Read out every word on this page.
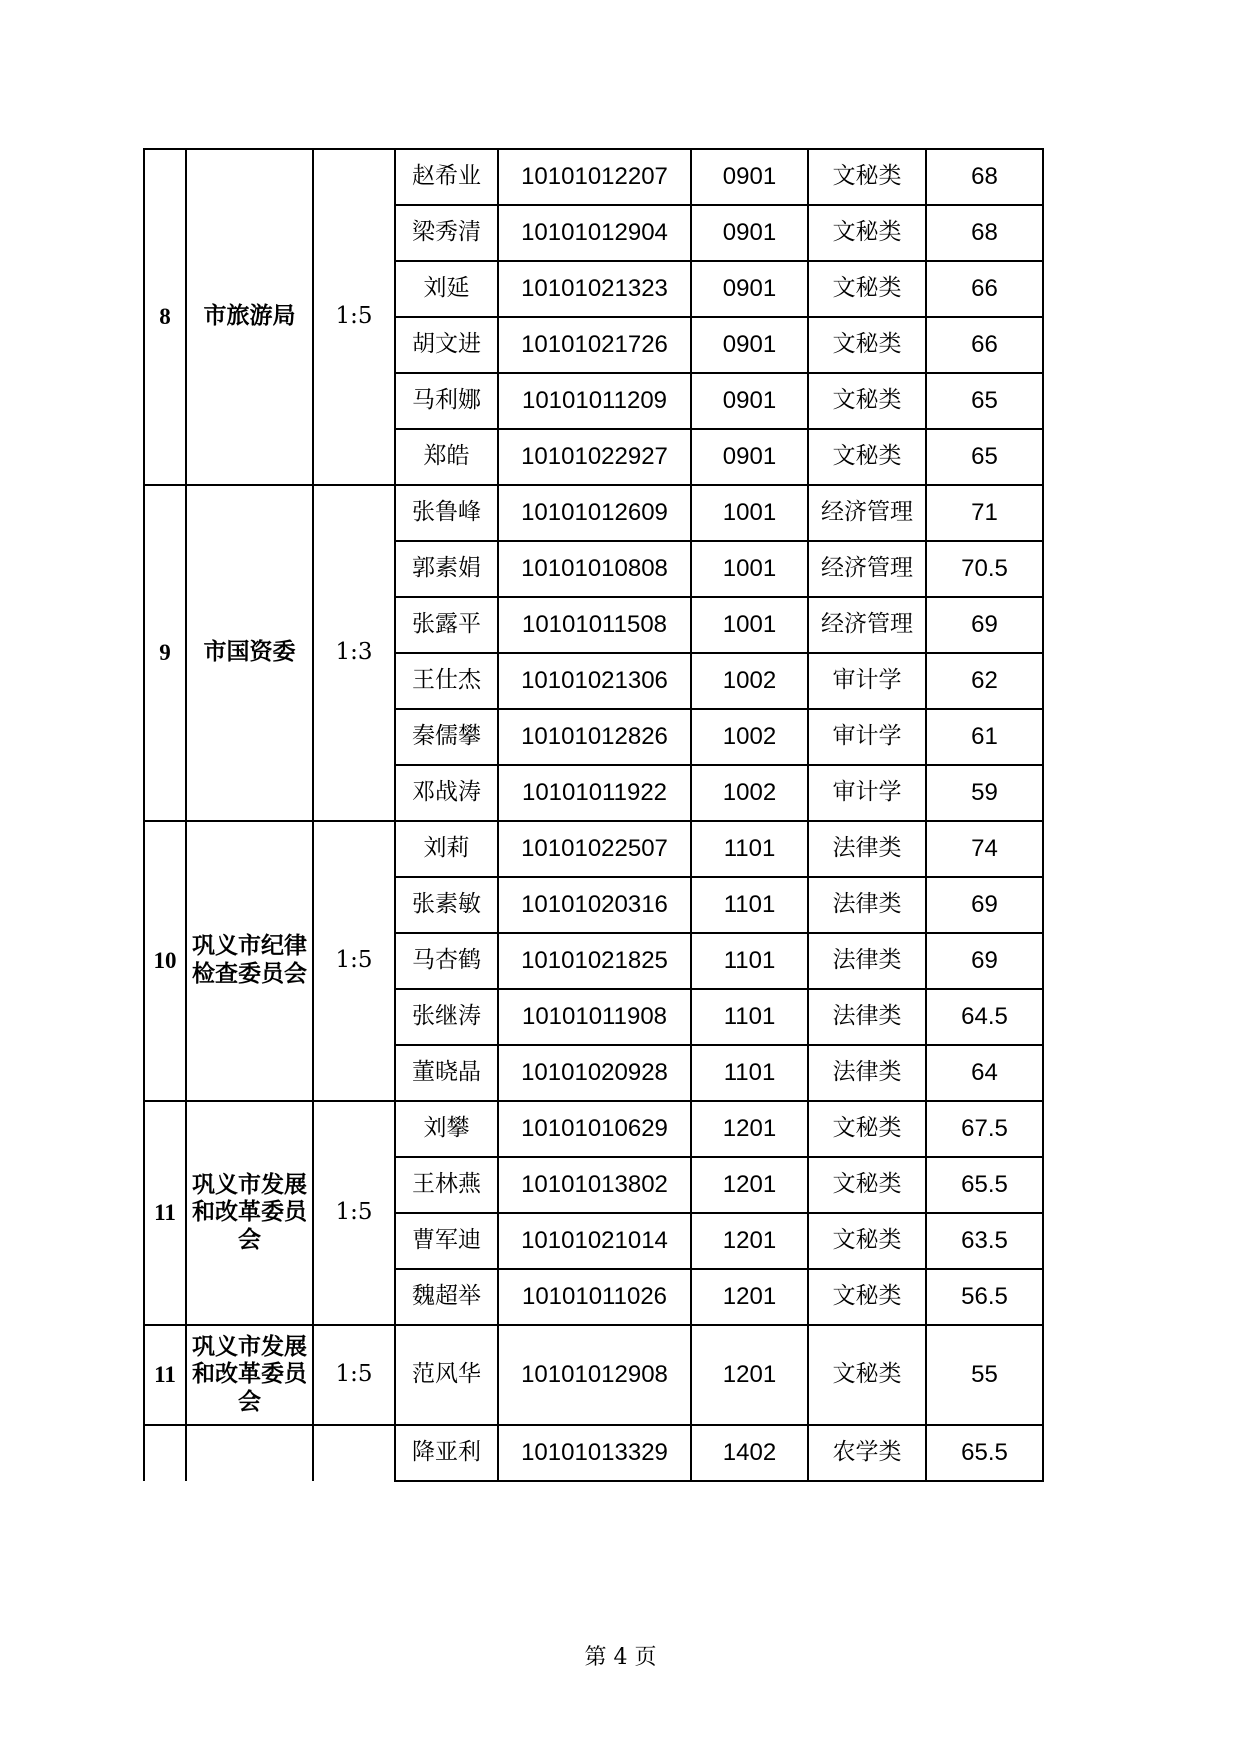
8	市旅游局	1:5	赵希业	10101012207	0901	文秘类	68
			梁秀清	10101012904	0901	文秘类	68
			刘延	10101021323	0901	文秘类	66
			胡文进	10101021726	0901	文秘类	66
			马利娜	10101011209	0901	文秘类	65
			郑皓	10101022927	0901	文秘类	65
9	市国资委	1:3	张鲁峰	10101012609	1001	经济管理	71
			郭素娟	10101010808	1001	经济管理	70.5
			张露平	10101011508	1001	经济管理	69
			王仕杰	10101021306	1002	审计学	62
			秦儒攀	10101012826	1002	审计学	61
			邓战涛	10101011922	1002	审计学	59
10	巩义市纪律检查委员会	1:5	刘莉	10101022507	1101	法律类	74
			张素敏	10101020316	1101	法律类	69
			马杏鹤	10101021825	1101	法律类	69
			张继涛	10101011908	1101	法律类	64.5
			董晓晶	10101020928	1101	法律类	64
11	巩义市发展和改革委员会	1:5	刘攀	10101010629	1201	文秘类	67.5
			王林燕	10101013802	1201	文秘类	65.5
			曹军迪	10101021014	1201	文秘类	63.5
			魏超举	10101011026	1201	文秘类	56.5
11	巩义市发展和改革委员会	1:5	范风华	10101012908	1201	文秘类	55
			降亚利	10101013329	1402	农学类	65.5
第 4 页
